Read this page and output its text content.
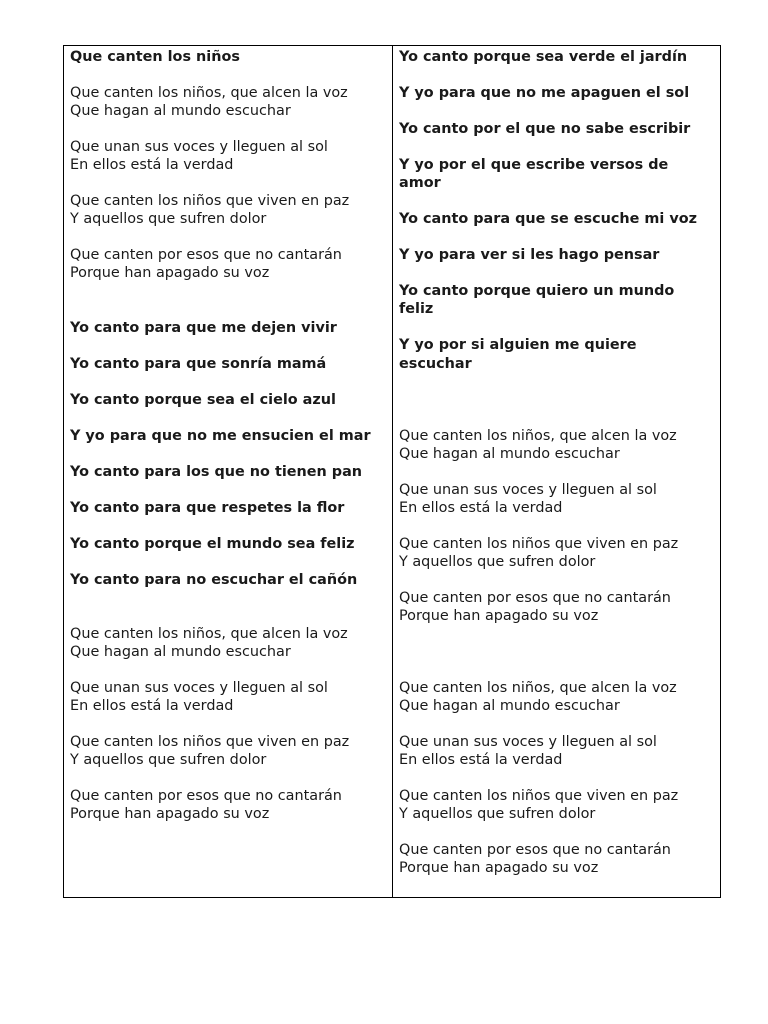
Que canten los niños

Que canten los niños, que alcen la voz

Que hagan al mundo escuchar

Que unan sus voces y lleguen al sol

En ellos está la verdad

Que canten los niños que viven en paz

Y aquellos que sufren dolor

Que canten por esos que no cantarán

Porque han apagado su voz

Yo canto para que me dejen vivir

Yo canto para que sonría mamá

Yo canto porque sea el cielo azul

Y yo para que no me ensucien el mar

Yo canto para los que no tienen pan

Yo canto para que respetes la flor

Yo canto porque el mundo sea feliz

Yo canto para no escuchar el cañón

Que canten los niños, que alcen la voz

Que hagan al mundo escuchar

Que unan sus voces y lleguen al sol

En ellos está la verdad

Que canten los niños que viven en paz

Y aquellos que sufren dolor

Que canten por esos que no cantarán

Porque han apagado su voz

Yo canto porque sea verde el jardín

Y yo para que no me apaguen el sol

Yo canto por el que no sabe escribir

Y yo por el que escribe versos de amor

Yo canto para que se escuche mi voz

Y yo para ver si les hago pensar

Yo canto porque quiero un mundo feliz

Y yo por si alguien me quiere escuchar

Que canten los niños, que alcen la voz

Que hagan al mundo escuchar

Que unan sus voces y lleguen al sol

En ellos está la verdad

Que canten los niños que viven en paz

Y aquellos que sufren dolor

Que canten por esos que no cantarán

Porque han apagado su voz

Que canten los niños, que alcen la voz

Que hagan al mundo escuchar

Que unan sus voces y lleguen al sol

En ellos está la verdad

Que canten los niños que viven en paz

Y aquellos que sufren dolor

Que canten por esos que no cantarán

Porque han apagado su voz
